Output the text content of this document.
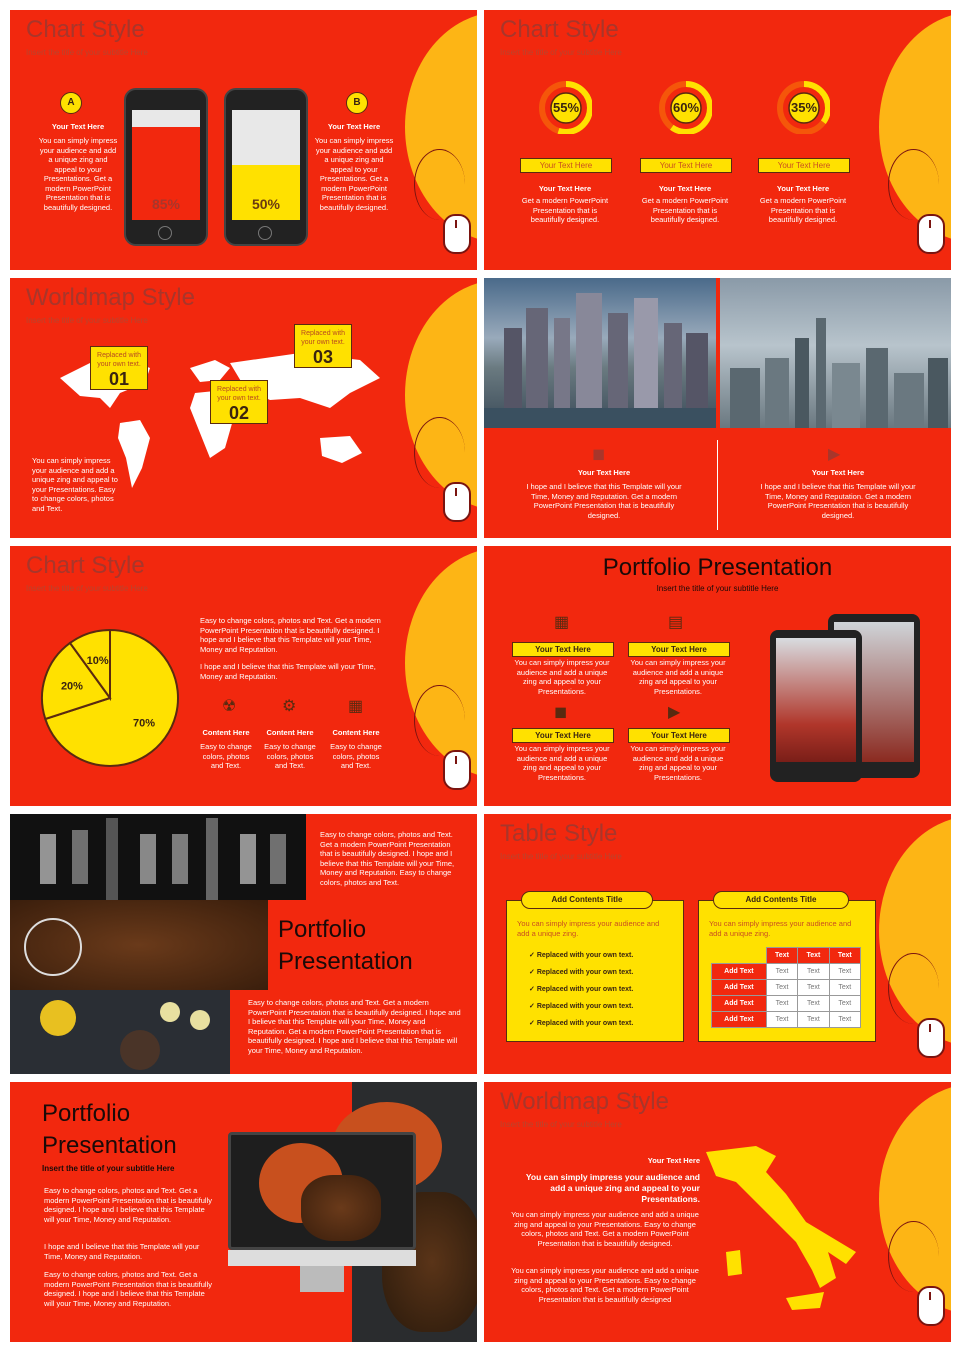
Chart Style
Insert the title of your subtitle Here
A
Your Text Here
You can simply impress your audience and add a unique zing and appeal to your Presentations. Get a modern PowerPoint Presentation that is beautifully designed.	85%	50%
B
Your Text Here
You can simply impress your audience and add a unique zing and appeal to your Presentations. Get a modern PowerPoint Presentation that is beautifully designed.
Chart Style
Insert the title of your subtitle Here
55%
Your Text Here
Your Text Here
Get a modern PowerPoint Presentation that is beautifully designed.
60%
Your Text Here
Your Text Here
Get a modern PowerPoint Presentation that is beautifully designed.
35%
Your Text Here
Your Text Here
Get a modern PowerPoint Presentation that is beautifully designed.
Worldmap Style
Insert the title of your subtitle Here
Replaced with your own text.
01
Replaced with your own text.
02
Replaced with your own text.
03
You can simply impress your audience and add a unique zing and appeal to your Presentations. Easy to change colors, photos and Text.
◼
Your Text Here
I hope and I believe that this Template will your Time, Money and Reputation. Get a modern PowerPoint Presentation that is beautifully designed.
▶
Your Text Here
I hope and I believe that this Template will your Time, Money and Reputation. Get a modern PowerPoint Presentation that is beautifully designed.
Chart Style
Insert the title of your subtitle Here
70%
20%
10%
Easy to change colors, photos and Text. Get a modern PowerPoint Presentation that is beautifully designed. I hope and I believe that this Template will your Time, Money and Reputation.
I hope and I believe that this Template will your Time, Money and Reputation.
☢	⚙	▦
Content Here
Easy to change colors, photos and Text.
Content Here
Easy to change colors, photos and Text.
Content Here
Easy to change colors, photos and Text.
Portfolio Presentation
Insert the title of your subtitle Here
▦	▤
Your Text Here
You can simply impress your audience and add a unique zing and appeal to your Presentations.
Your Text Here
You can simply impress your audience and add a unique zing and appeal to your Presentations.
◼	▶
Your Text Here
You can simply impress your audience and add a unique zing and appeal to your Presentations.
Your Text Here
You can simply impress your audience and add a unique zing and appeal to your Presentations.
Easy to change colors, photos and Text. Get a modern PowerPoint Presentation that is beautifully designed. I hope and I believe that this Template will your Time, Money and Reputation. Easy to change colors, photos and Text.
Portfolio
Presentation
Easy to change colors, photos and Text. Get a modern PowerPoint Presentation that is beautifully designed. I hope and I believe that this Template will your Time, Money and Reputation. Get a modern PowerPoint Presentation that is beautifully designed. I hope and I believe that this Template will your Time, Money and Reputation.
Table Style
Insert the title of your subtitle Here
Add Contents Title
You can simply impress your audience and add a unique zing.
✓ Replaced with your own text.
✓ Replaced with your own text.
✓ Replaced with your own text.
✓ Replaced with your own text.
✓ Replaced with your own text.
Add Contents Title
You can simply impress your audience and add a unique zing.
	Text	Text	Text
Add Text	Text	Text	Text
Add Text	Text	Text	Text
Add Text	Text	Text	Text
Add Text	Text	Text	Text
Portfolio
Presentation
Insert the title of your subtitle Here
Easy to change colors, photos and Text. Get a modern PowerPoint Presentation that is beautifully designed. I hope and I believe that this Template will your Time, Money and Reputation.
I hope and I believe that this Template will your Time, Money and Reputation.
Easy to change colors, photos and Text. Get a modern PowerPoint Presentation that is beautifully designed. I hope and I believe that this Template will your Time, Money and Reputation.
Worldmap Style
Insert the title of your subtitle Here
Your Text Here
You can simply impress your audience and add a unique zing and appeal to your Presentations.
You can simply impress your audience and add a unique zing and appeal to your Presentations. Easy to change colors, photos and Text. Get a modern PowerPoint Presentation that is beautifully designed.
You can simply impress your audience and add a unique zing and appeal to your Presentations. Easy to change colors, photos and Text. Get a modern PowerPoint Presentation that is beautifully designed
